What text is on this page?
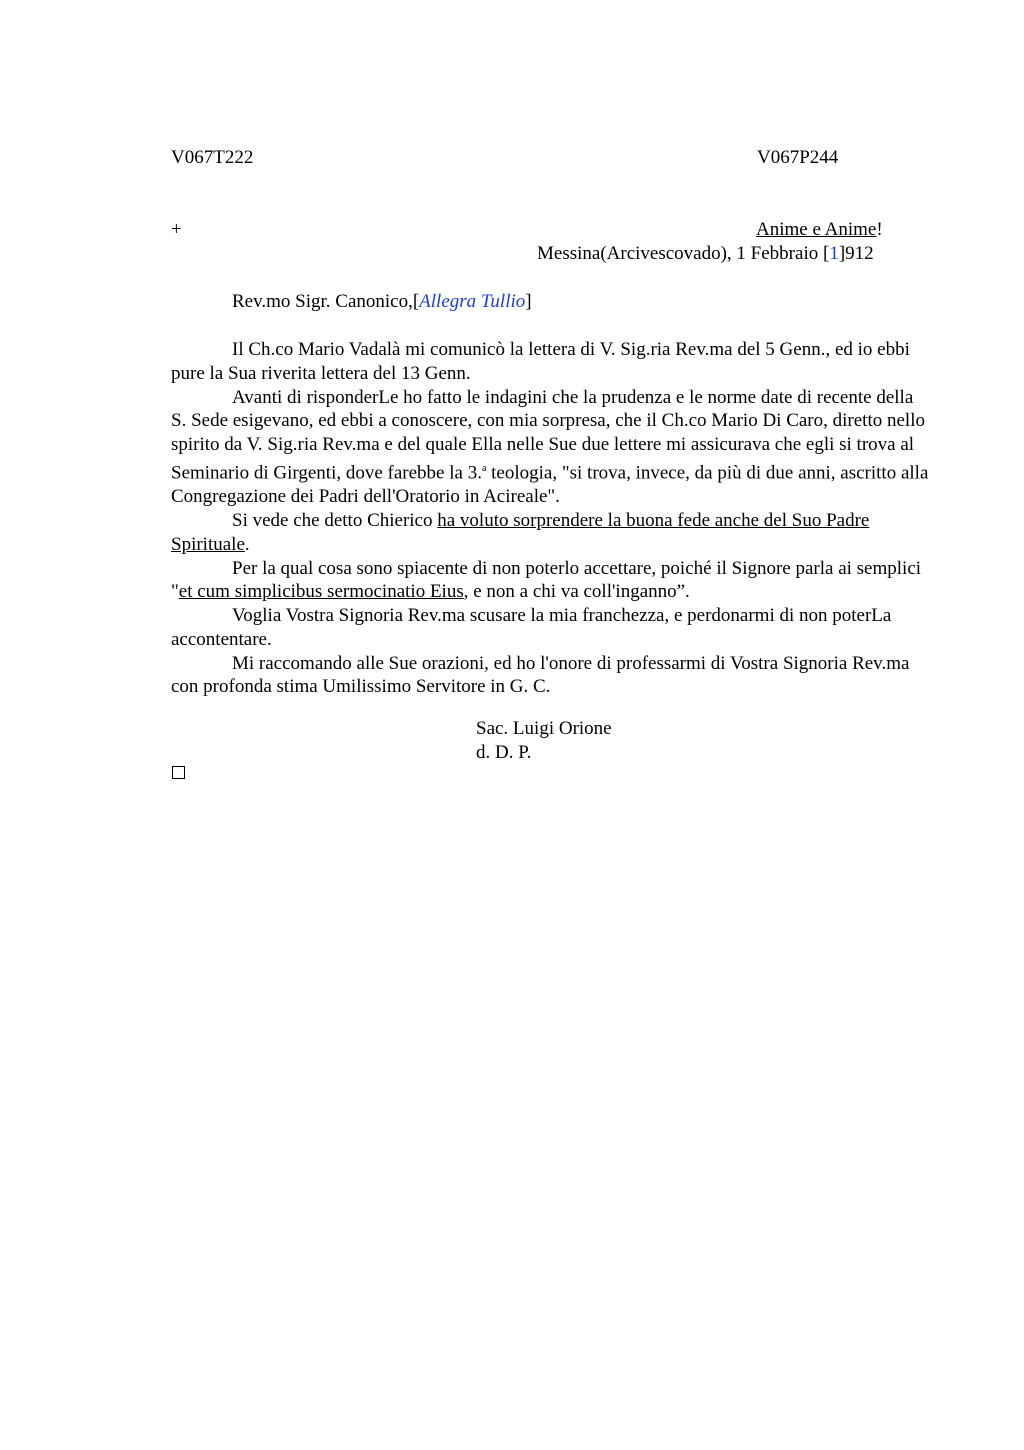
V067T222	V067P244
+	Anime e Anime!
Messina(Arcivescovado), 1 Febbraio [1]912
Rev.mo Sigr. Canonico,[Allegra Tullio]

Il Ch.co Mario Vadalà mi comunicò la lettera di V. Sig.ria Rev.ma del 5 Genn., ed io ebbi pure la Sua riverita lettera del 13 Genn.

Avanti di risponderLe ho fatto le indagini che la prudenza e le norme date di recente della S. Sede esigevano, ed ebbi a conoscere, con mia sorpresa, che il Ch.co Mario Di Caro, diretto nello spirito da V. Sig.ria Rev.ma e del quale Ella nelle Sue due lettere mi assicurava che egli si trova al Seminario di Girgenti, dove farebbe la 3.$^a$ teologia, "si trova, invece, da più di due anni, ascritto alla Congregazione dei Padri dell'Oratorio in Acireale".

Si vede che detto Chierico ha voluto sorprendere la buona fede anche del Suo Padre Spirituale.

Per la qual cosa sono spiacente di non poterlo accettare, poiché il Signore parla ai semplici "et cum simplicibus sermocinatio Eius, e non a chi va coll'inganno”.

Voglia Vostra Signoria Rev.ma scusare la mia franchezza, e perdonarmi di non poterLa accontentare.

Mi raccomando alle Sue orazioni, ed ho l'onore di professarmi di Vostra Signoria Rev.ma con profonda stima Umilissimo Servitore in G. C.

Sac. Luigi Orione
d. D. P.
